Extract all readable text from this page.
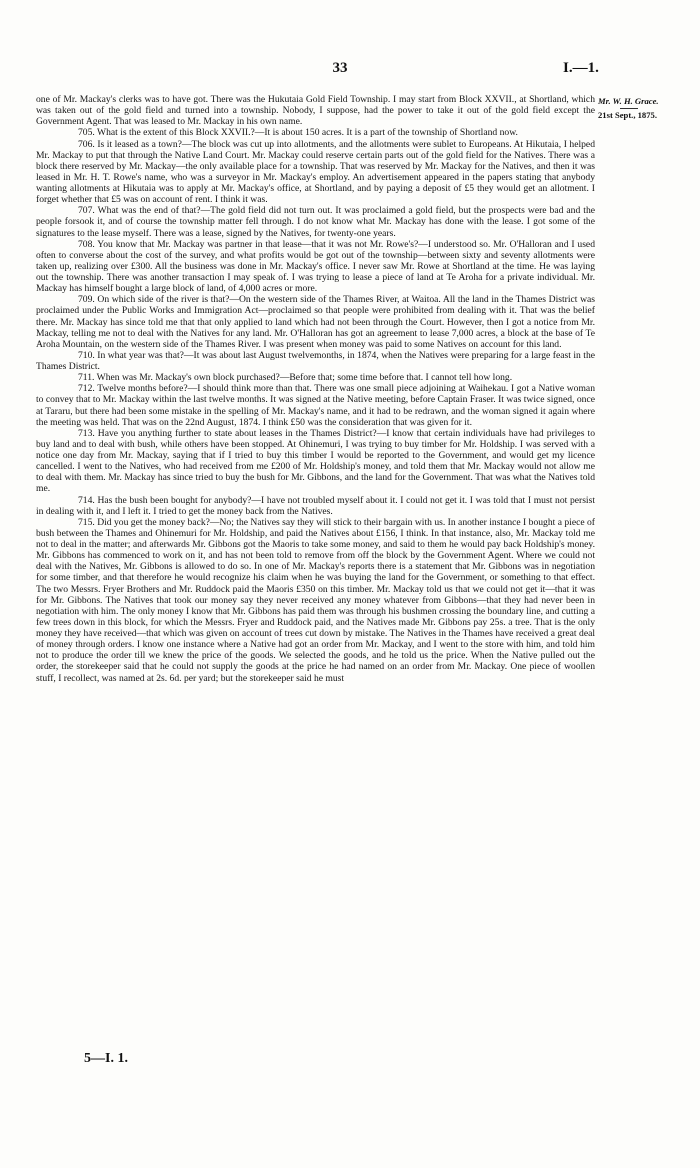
33	I.—1.
Mr. W. H. Grace.
21st Sept., 1875.

one of Mr. Mackay's clerks was to have got. There was the Hukutaia Gold Field Township. I may start from Block XXVII., at Shortland, which was taken out of the gold field and turned into a township. Nobody, I suppose, had the power to take it out of the gold field except the Government Agent. That was leased to Mr. Mackay in his own name.

705. What is the extent of this Block XXVII.?—It is about 150 acres. It is a part of the township of Shortland now.

706. Is it leased as a town?—The block was cut up into allotments, and the allotments were sublet to Europeans. At Hikutaia, I helped Mr. Mackay to put that through the Native Land Court. Mr. Mackay could reserve certain parts out of the gold field for the Natives. There was a block there reserved by Mr. Mackay—the only available place for a township. That was reserved by Mr. Mackay for the Natives, and then it was leased in Mr. H. T. Rowe's name, who was a surveyor in Mr. Mackay's employ. An advertisement appeared in the papers stating that anybody wanting allotments at Hikutaia was to apply at Mr. Mackay's office, at Shortland, and by paying a deposit of £5 they would get an allotment. I forget whether that £5 was on account of rent. I think it was.

707. What was the end of that?—The gold field did not turn out. It was proclaimed a gold field, but the prospects were bad and the people forsook it, and of course the township matter fell through. I do not know what Mr. Mackay has done with the lease. I got some of the signatures to the lease myself. There was a lease, signed by the Natives, for twenty-one years.

708. You know that Mr. Mackay was partner in that lease—that it was not Mr. Rowe's?—I understood so. Mr. O'Halloran and I used often to converse about the cost of the survey, and what profits would be got out of the township—between sixty and seventy allotments were taken up, realizing over £300. All the business was done in Mr. Mackay's office. I never saw Mr. Rowe at Shortland at the time. He was laying out the township. There was another transaction I may speak of. I was trying to lease a piece of land at Te Aroha for a private individual. Mr. Mackay has himself bought a large block of land, of 4,000 acres or more.

709. On which side of the river is that?—On the western side of the Thames River, at Waitoa. All the land in the Thames District was proclaimed under the Public Works and Immigration Act—proclaimed so that people were prohibited from dealing with it. That was the belief there. Mr. Mackay has since told me that that only applied to land which had not been through the Court. However, then I got a notice from Mr. Mackay, telling me not to deal with the Natives for any land. Mr. O'Halloran has got an agreement to lease 7,000 acres, a block at the base of Te Aroha Mountain, on the western side of the Thames River. I was present when money was paid to some Natives on account for this land.

710. In what year was that?—It was about last August twelvemonths, in 1874, when the Natives were preparing for a large feast in the Thames District.

711. When was Mr. Mackay's own block purchased?—Before that; some time before that. I cannot tell how long.

712. Twelve months before?—I should think more than that. There was one small piece adjoining at Waihekau. I got a Native woman to convey that to Mr. Mackay within the last twelve months. It was signed at the Native meeting, before Captain Fraser. It was twice signed, once at Tararu, but there had been some mistake in the spelling of Mr. Mackay's name, and it had to be redrawn, and the woman signed it again where the meeting was held. That was on the 22nd August, 1874. I think £50 was the consideration that was given for it.

713. Have you anything further to state about leases in the Thames District?—I know that certain individuals have had privileges to buy land and to deal with bush, while others have been stopped. At Ohinemuri, I was trying to buy timber for Mr. Holdship. I was served with a notice one day from Mr. Mackay, saying that if I tried to buy this timber I would be reported to the Government, and would get my licence cancelled. I went to the Natives, who had received from me £200 of Mr. Holdship's money, and told them that Mr. Mackay would not allow me to deal with them. Mr. Mackay has since tried to buy the bush for Mr. Gibbons, and the land for the Government. That was what the Natives told me.

714. Has the bush been bought for anybody?—I have not troubled myself about it. I could not get it. I was told that I must not persist in dealing with it, and I left it. I tried to get the money back from the Natives.

715. Did you get the money back?—No; the Natives say they will stick to their bargain with us. In another instance I bought a piece of bush between the Thames and Ohinemuri for Mr. Holdship, and paid the Natives about £156, I think. In that instance, also, Mr. Mackay told me not to deal in the matter; and afterwards Mr. Gibbons got the Maoris to take some money, and said to them he would pay back Holdship's money. Mr. Gibbons has commenced to work on it, and has not been told to remove from off the block by the Government Agent. Where we could not deal with the Natives, Mr. Gibbons is allowed to do so. In one of Mr. Mackay's reports there is a statement that Mr. Gibbons was in negotiation for some timber, and that therefore he would recognize his claim when he was buying the land for the Government, or something to that effect. The two Messrs. Fryer Brothers and Mr. Ruddock paid the Maoris £350 on this timber. Mr. Mackay told us that we could not get it—that it was for Mr. Gibbons. The Natives that took our money say they never received any money whatever from Gibbons—that they had never been in negotiation with him. The only money I know that Mr. Gibbons has paid them was through his bushmen crossing the boundary line, and cutting a few trees down in this block, for which the Messrs. Fryer and Ruddock paid, and the Natives made Mr. Gibbons pay 25s. a tree. That is the only money they have received—that which was given on account of trees cut down by mistake. The Natives in the Thames have received a great deal of money through orders. I know one instance where a Native had got an order from Mr. Mackay, and I went to the store with him, and told him not to produce the order till we knew the price of the goods. We selected the goods, and he told us the price. When the Native pulled out the order, the storekeeper said that he could not supply the goods at the price he had named on an order from Mr. Mackay. One piece of woollen stuff, I recollect, was named at 2s. 6d. per yard; but the storekeeper said he must

5—I. 1.
